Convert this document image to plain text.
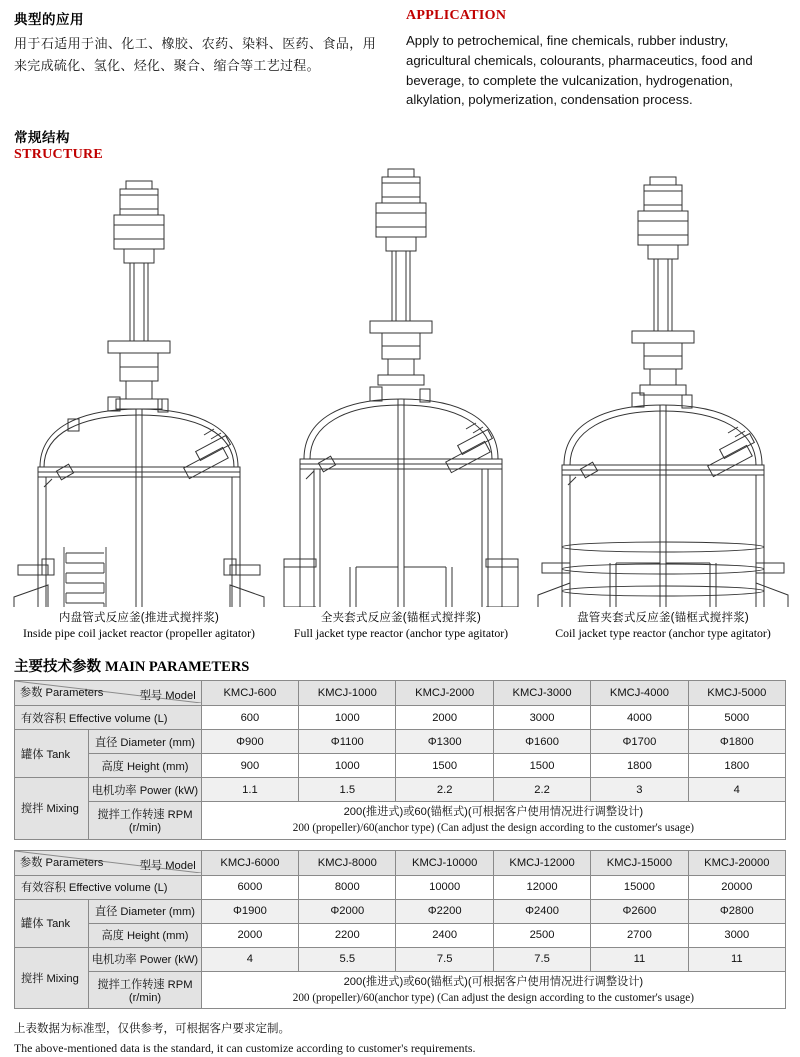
典型的应用

用于石适用于油、化工、橡胶、农药、染料、医药、食品，用来完成硫化、氢化、烃化、聚合、缩合等工艺过程。

APPLICATION

Apply to petrochemical, fine chemicals, rubber industry, agricultural chemicals, colourants, pharmaceutics, food and beverage, to complete the vulcanization, hydrogenation, alkylation, polymerization, condensation process.

常规结构
STRUCTURE
内盘管式反应釜(推进式搅拌浆)
Inside pipe coil jacket reactor (propeller agitator)
全夹套式反应釜(锚框式搅拌浆)
Full jacket type reactor (anchor type agitator)
盘管夹套式反应釜(锚框式搅拌浆)
Coil jacket type reactor (anchor type agitator)
主要技术参数 MAIN PARAMETERS
参数 Parameters 型号 Model		KMCJ-600	KMCJ-1000	KMCJ-2000	KMCJ-3000	KMCJ-4000	KMCJ-5000
有效容积 Effective volume (L)		600	1000	2000	3000	4000	5000
罐体 Tank	直径 Diameter (mm)	Φ900	Φ1100	Φ1300	Φ1600	Φ1700	Φ1800
	高度 Height (mm)	900	1000	1500	1500	1800	1800
搅拌 Mixing	电机功率 Power (kW)	1.1	1.5	2.2	2.2	3	4
	搅拌工作转速 RPM (r/min)	200(推进式)或60(锚框式)(可根据客户使用情况进行调整设计)
200 (propeller)/60(anchor type) (Can adjust the design according to the customer's usage)					
参数 Parameters 型号 Model		KMCJ-6000	KMCJ-8000	KMCJ-10000	KMCJ-12000	KMCJ-15000	KMCJ-20000
有效容积 Effective volume (L)		6000	8000	10000	12000	15000	20000
罐体 Tank	直径 Diameter (mm)	Φ1900	Φ2000	Φ2200	Φ2400	Φ2600	Φ2800
	高度 Height (mm)	2000	2200	2400	2500	2700	3000
搅拌 Mixing	电机功率 Power (kW)	4	5.5	7.5	7.5	11	11
	搅拌工作转速 RPM (r/min)	200(推进式)或60(锚框式)(可根据客户使用情况进行调整设计)
200 (propeller)/60(anchor type) (Can adjust the design according to the customer's usage)					
上表数据为标准型，仅供参考，可根据客户要求定制。
The above-mentioned data is the standard, it can customize according to customer's requirements.
